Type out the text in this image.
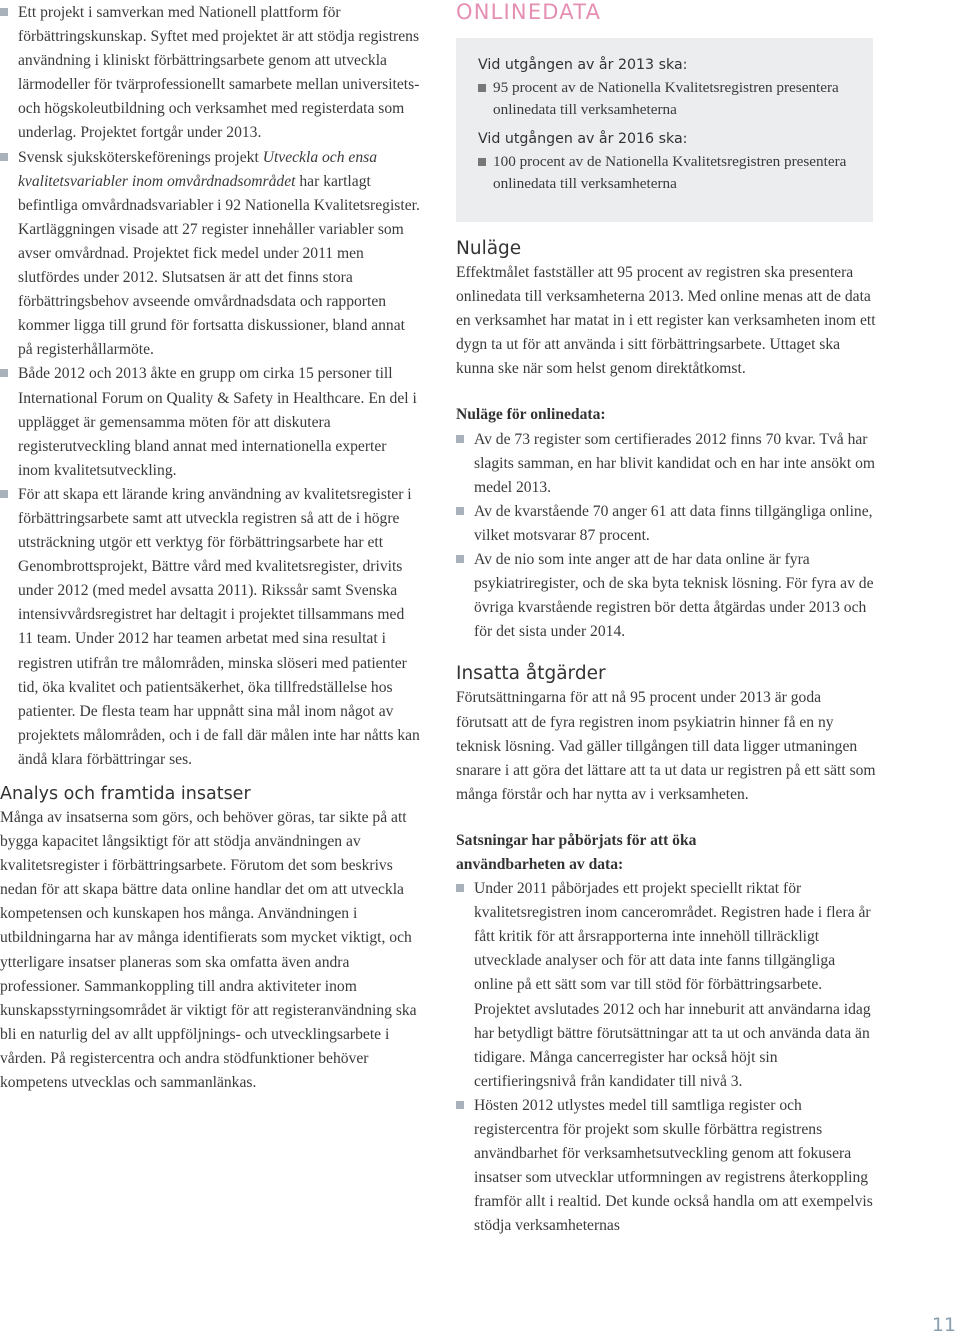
Ett projekt i samverkan med Nationell plattform för förbättringskunskap. Syftet med projektet är att stödja registrens användning i kliniskt förbättringsarbete genom att utveckla lärmodeller för tvärprofessionellt samarbete mellan universitets- och högskoleutbildning och verksamhet med registerdata som underlag. Projektet fortgår under 2013.
Svensk sjuksköterskeförenings projekt Utveckla och ensa kvalitetsvariabler inom omvårdnadsområdet har kartlagt befintliga omvårdnadsvariabler i 92 Nationella Kvalitetsregister. Kartläggningen visade att 27 register innehåller variabler som avser omvårdnad. Projektet fick medel under 2011 men slutfördes under 2012. Slutsatsen är att det finns stora förbättringsbehov avseende omvårdnadsdata och rapporten kommer ligga till grund för fortsatta diskussioner, bland annat på registerhållarmöte.
Både 2012 och 2013 åkte en grupp om cirka 15 personer till International Forum on Quality & Safety in Healthcare. En del i upplägget är gemensamma möten för att diskutera registerutveckling bland annat med internationella experter inom kvalitetsutveckling.
För att skapa ett lärande kring användning av kvalitetsregister i förbättringsarbete samt att utveckla registren så att de i högre utsträckning utgör ett verktyg för förbättringsarbete har ett Genombrottsprojekt, Bättre vård med kvalitetsregister, drivits under 2012 (med medel avsatta 2011). Rikssår samt Svenska intensivvårdsregistret har deltagit i projektet tillsammans med 11 team. Under 2012 har teamen arbetat med sina resultat i registren utifrån tre målområden, minska slöseri med patienter tid, öka kvalitet och patientsäkerhet, öka tillfredställelse hos patienter. De flesta team har uppnått sina mål inom något av projektets målområden, och i de fall där målen inte har nåtts kan ändå klara förbättringar ses.
Analys och framtida insatser

Många av insatserna som görs, och behöver göras, tar sikte på att bygga kapacitet långsiktigt för att stödja användningen av kvalitetsregister i förbättringsarbete. Förutom det som beskrivs nedan för att skapa bättre data online handlar det om att utveckla kompetensen och kunskapen hos många. Användningen i utbildningarna har av många identifierats som mycket viktigt, och ytterligare insatser planeras som ska omfatta även andra professioner. Sammankoppling till andra aktiviteter inom kunskapsstyrningsområdet är viktigt för att registeranvändning ska bli en naturlig del av allt uppföljnings- och utvecklingsarbete i vården. På registercentra och andra stödfunktioner behöver kompetens utvecklas och sammanlänkas.

ONLINEDATA
Vid utgången av år 2013 ska:
95 procent av de Nationella Kvalitetsregistren presentera onlinedata till verksamheterna
Vid utgången av år 2016 ska:
100 procent av de Nationella Kvalitetsregistren presentera onlinedata till verksamheterna
Nuläge

Effektmålet fastställer att 95 procent av registren ska presentera onlinedata till verksamheterna 2013. Med online menas att de data en verksamhet har matat in i ett register kan verksamheten inom ett dygn ta ut för att använda i sitt förbättringsarbete. Uttaget ska kunna ske när som helst genom direktåtkomst.

Nuläge för onlinedata:
Av de 73 register som certifierades 2012 finns 70 kvar. Två har slagits samman, en har blivit kandidat och en har inte ansökt om medel 2013.
Av de kvarstående 70 anger 61 att data finns tillgängliga online, vilket motsvarar 87 procent.
Av de nio som inte anger att de har data online är fyra psykiatriregister, och de ska byta teknisk lösning. För fyra av de övriga kvarstående registren bör detta åtgärdas under 2013 och för det sista under 2014.
Insatta åtgärder

Förutsättningarna för att nå 95 procent under 2013 är goda förutsatt att de fyra registren inom psykiatrin hinner få en ny teknisk lösning. Vad gäller tillgången till data ligger utmaningen snarare i att göra det lättare att ta ut data ur registren på ett sätt som många förstår och har nytta av i verksamheten.

Satsningar har påbörjats för att öka användbarheten av data:
Under 2011 påbörjades ett projekt speciellt riktat för kvalitetsregistren inom cancerområdet. Registren hade i flera år fått kritik för att årsrapporterna inte innehöll tillräckligt utvecklade analyser och för att data inte fanns tillgängliga online på ett sätt som var till stöd för förbättringsarbete. Projektet avslutades 2012 och har inneburit att användarna idag har betydligt bättre förutsättningar att ta ut och använda data än tidigare. Många cancerregister har också höjt sin certifieringsnivå från kandidater till nivå 3.
Hösten 2012 utlystes medel till samtliga register och registercentra för projekt som skulle förbättra registrens användbarhet för verksamhetsutveckling genom att fokusera insatser som utvecklar utformningen av registrens återkoppling framför allt i realtid. Det kunde också handla om att exempelvis stödja verksamheternas
11
